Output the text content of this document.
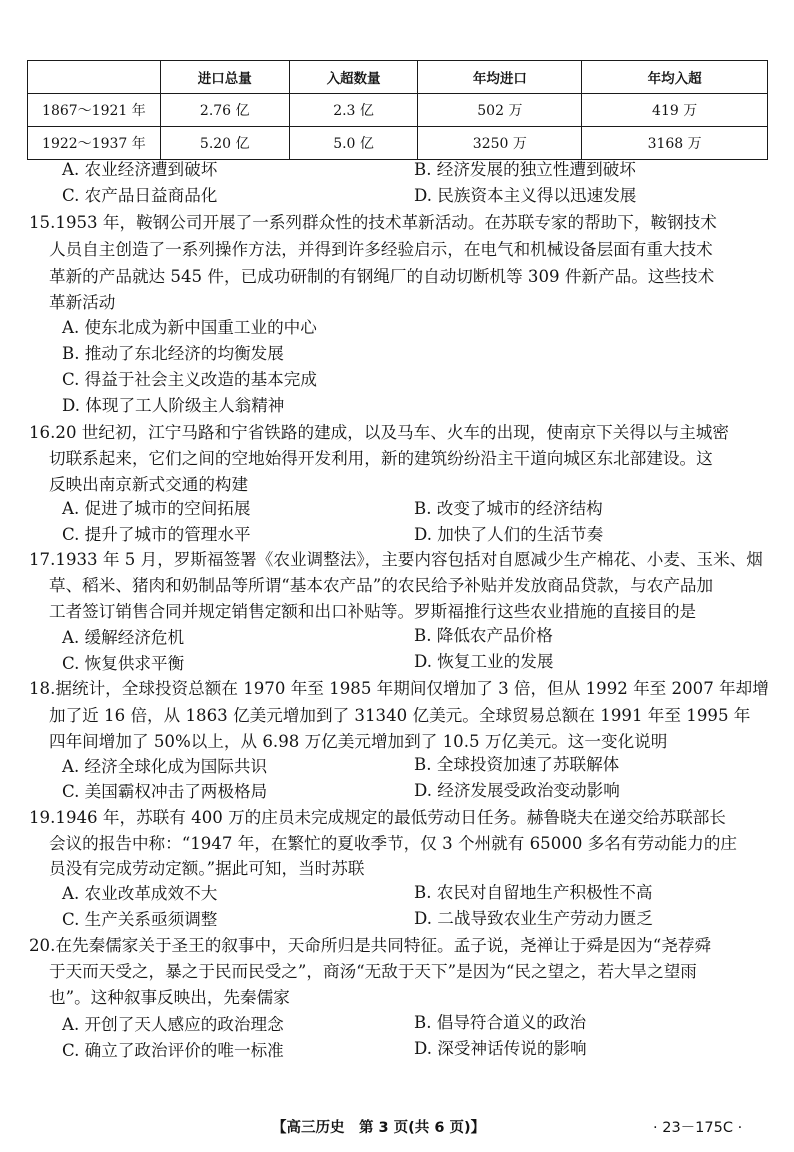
	进口总量	入超数量	年均进口	年均入超
1867～1921 年	2.76 亿	2.3 亿	502 万	419 万
1922～1937 年	5.20 亿	5.0 亿	3250 万	3168 万
A. 农业经济遭到破坏	B. 经济发展的独立性遭到破坏
C. 农产品日益商品化	D. 民族资本主义得以迅速发展
15.1953 年，鞍钢公司开展了一系列群众性的技术革新活动。在苏联专家的帮助下，鞍钢技术
人员自主创造了一系列操作方法，并得到许多经验启示，在电气和机械设备层面有重大技术
革新的产品就达 545 件，已成功研制的有钢绳厂的自动切断机等 309 件新产品。这些技术
革新活动
A. 使东北成为新中国重工业的中心
B. 推动了东北经济的均衡发展
C. 得益于社会主义改造的基本完成
D. 体现了工人阶级主人翁精神
16.20 世纪初，江宁马路和宁省铁路的建成，以及马车、火车的出现，使南京下关得以与主城密
切联系起来，它们之间的空地始得开发利用，新的建筑纷纷沿主干道向城区东北部建设。这
反映出南京新式交通的构建
A. 促进了城市的空间拓展	B. 改变了城市的经济结构
C. 提升了城市的管理水平	D. 加快了人们的生活节奏
17.1933 年 5 月，罗斯福签署《农业调整法》，主要内容包括对自愿减少生产棉花、小麦、玉米、烟
草、稻米、猪肉和奶制品等所谓“基本农产品”的农民给予补贴并发放商品贷款，与农产品加
工者签订销售合同并规定销售定额和出口补贴等。罗斯福推行这些农业措施的直接目的是
A. 缓解经济危机	B. 降低农产品价格
C. 恢复供求平衡	D. 恢复工业的发展
18.据统计，全球投资总额在 1970 年至 1985 年期间仅增加了 3 倍，但从 1992 年至 2007 年却增
加了近 16 倍，从 1863 亿美元增加到了 31340 亿美元。全球贸易总额在 1991 年至 1995 年
四年间增加了 50%以上，从 6.98 万亿美元增加到了 10.5 万亿美元。这一变化说明
A. 经济全球化成为国际共识	B. 全球投资加速了苏联解体
C. 美国霸权冲击了两极格局	D. 经济发展受政治变动影响
19.1946 年，苏联有 400 万的庄员未完成规定的最低劳动日任务。赫鲁晓夫在递交给苏联部长
会议的报告中称：“1947 年，在繁忙的夏收季节，仅 3 个州就有 65000 多名有劳动能力的庄
员没有完成劳动定额。”据此可知，当时苏联
A. 农业改革成效不大	B. 农民对自留地生产积极性不高
C. 生产关系亟须调整	D. 二战导致农业生产劳动力匮乏
20.在先秦儒家关于圣王的叙事中，天命所归是共同特征。孟子说，尧禅让于舜是因为“尧荐舜
于天而天受之，暴之于民而民受之”，商汤“无敌于天下”是因为“民之望之，若大旱之望雨
也”。这种叙事反映出，先秦儒家
A. 开创了天人感应的政治理念	B. 倡导符合道义的政治
C. 确立了政治评价的唯一标准	D. 深受神话传说的影响
【高三历史　第 3 页(共 6 页)】	· 23－175C ·
